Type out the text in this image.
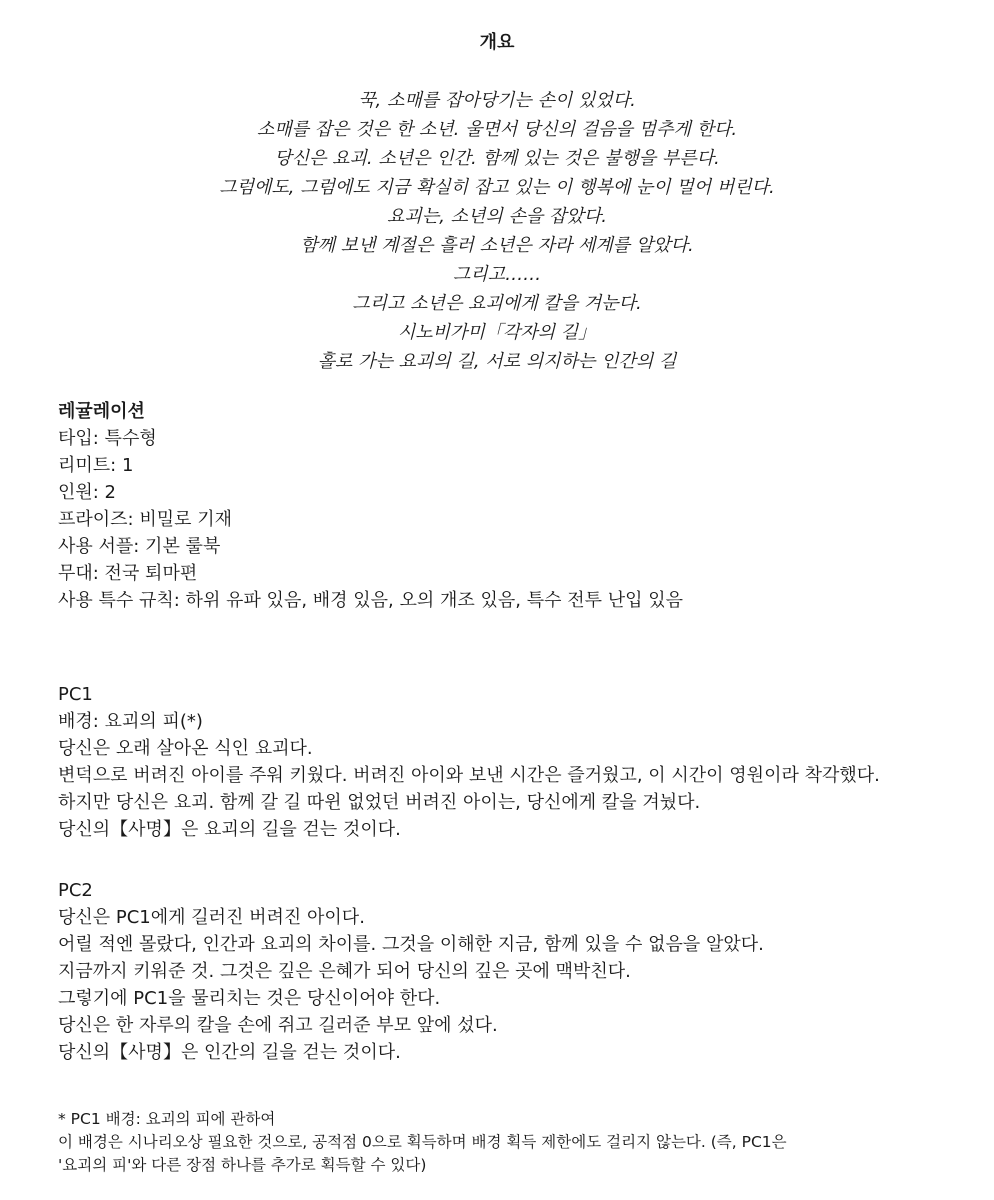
개요
꾹, 소매를 잡아당기는 손이 있었다.
소매를 잡은 것은 한 소년. 울면서 당신의 걸음을 멈추게 한다.
당신은 요괴. 소년은 인간. 함께 있는 것은 불행을 부른다.
그럼에도, 그럼에도 지금 확실히 잡고 있는 이 행복에 눈이 멀어 버린다.
요괴는, 소년의 손을 잡았다.
함께 보낸 계절은 흘러 소년은 자라 세계를 알았다.
그리고……
그리고 소년은 요괴에게 칼을 겨눈다.
시노비가미「각자의 길」
홀로 가는 요괴의 길, 서로 의지하는 인간의 길
레귤레이션
타입: 특수형
리미트: 1
인원: 2
프라이즈: 비밀로 기재
사용 서플: 기본 룰북
무대: 전국 퇴마편
사용 특수 규칙: 하위 유파 있음, 배경 있음, 오의 개조 있음, 특수 전투 난입 있음
PC1
배경: 요괴의 피(*)
당신은 오래 살아온 식인 요괴다.
변덕으로 버려진 아이를 주워 키웠다. 버려진 아이와 보낸 시간은 즐거웠고, 이 시간이 영원이라 착각했다.
하지만 당신은 요괴. 함께 갈 길 따윈 없었던 버려진 아이는, 당신에게 칼을 겨눴다.
당신의【사명】은 요괴의 길을 걷는 것이다.
PC2
당신은 PC1에게 길러진 버려진 아이다.
어릴 적엔 몰랐다, 인간과 요괴의 차이를. 그것을 이해한 지금, 함께 있을 수 없음을 알았다.
지금까지 키워준 것. 그것은 깊은 은혜가 되어 당신의 깊은 곳에 맥박친다.
그렇기에 PC1을 물리치는 것은 당신이어야 한다.
당신은 한 자루의 칼을 손에 쥐고 길러준 부모 앞에 섰다.
당신의【사명】은 인간의 길을 걷는 것이다.
* PC1 배경: 요괴의 피에 관하여
이 배경은 시나리오상 필요한 것으로, 공적점 0으로 획득하며 배경 획득 제한에도 걸리지 않는다. (즉, PC1은
'요괴의 피'와 다른 장점 하나를 추가로 획득할 수 있다)
